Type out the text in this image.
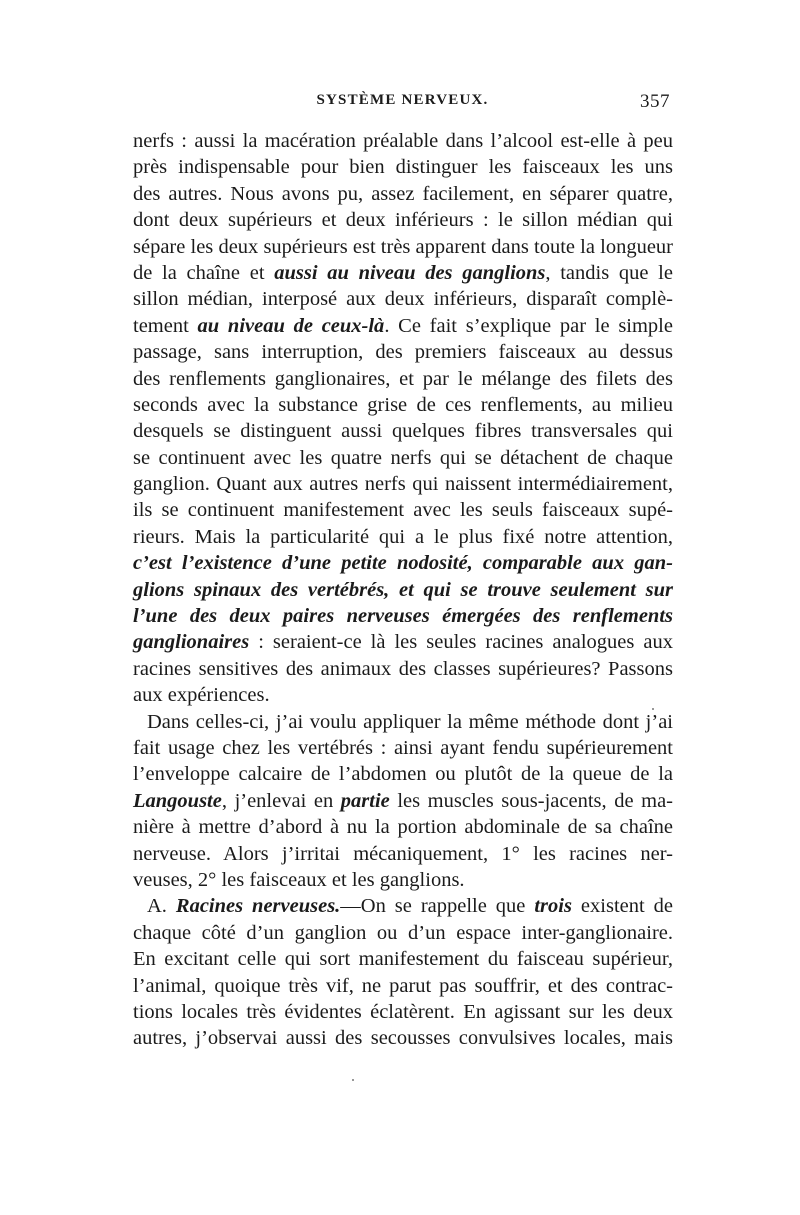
SYSTÈME NERVEUX.	357
nerfs : aussi la macération préalable dans l’alcool est-elle à peu
près indispensable pour bien distinguer les faisceaux les uns
des autres. Nous avons pu, assez facilement, en séparer quatre,
dont deux supérieurs et deux inférieurs : le sillon médian qui
sépare les deux supérieurs est très apparent dans toute la longueur
de la chaîne et aussi au niveau des ganglions, tandis que le
sillon médian, interposé aux deux inférieurs, disparaît complè-
tement au niveau de ceux-là. Ce fait s’explique par le simple
passage, sans interruption, des premiers faisceaux au dessus
des renflements ganglionaires, et par le mélange des filets des
seconds avec la substance grise de ces renflements, au milieu
desquels se distinguent aussi quelques fibres transversales qui
se continuent avec les quatre nerfs qui se détachent de chaque
ganglion. Quant aux autres nerfs qui naissent intermédiairement,
ils se continuent manifestement avec les seuls faisceaux supé-
rieurs. Mais la particularité qui a le plus fixé notre attention,
c’est l’existence d’une petite nodosité, comparable aux gan-
glions spinaux des vertébrés, et qui se trouve seulement sur
l’une des deux paires nerveuses émergées des renflements
ganglionaires : seraient-ce là les seules racines analogues aux
racines sensitives des animaux des classes supérieures? Passons
aux expériences.
Dans celles-ci, j’ai voulu appliquer la même méthode dont j’ai
fait usage chez les vertébrés : ainsi ayant fendu supérieurement
l’enveloppe calcaire de l’abdomen ou plutôt de la queue de la
Langouste, j’enlevai en partie les muscles sous-jacents, de ma-
nière à mettre d’abord à nu la portion abdominale de sa chaîne
nerveuse. Alors j’irritai mécaniquement, 1° les racines ner-
veuses, 2° les faisceaux et les ganglions.
A. Racines nerveuses.—On se rappelle que trois existent de
chaque côté d’un ganglion ou d’un espace inter-ganglionaire.
En excitant celle qui sort manifestement du faisceau supérieur,
l’animal, quoique très vif, ne parut pas souffrir, et des contrac-
tions locales très évidentes éclatèrent. En agissant sur les deux
autres, j’observai aussi des secousses convulsives locales, mais
